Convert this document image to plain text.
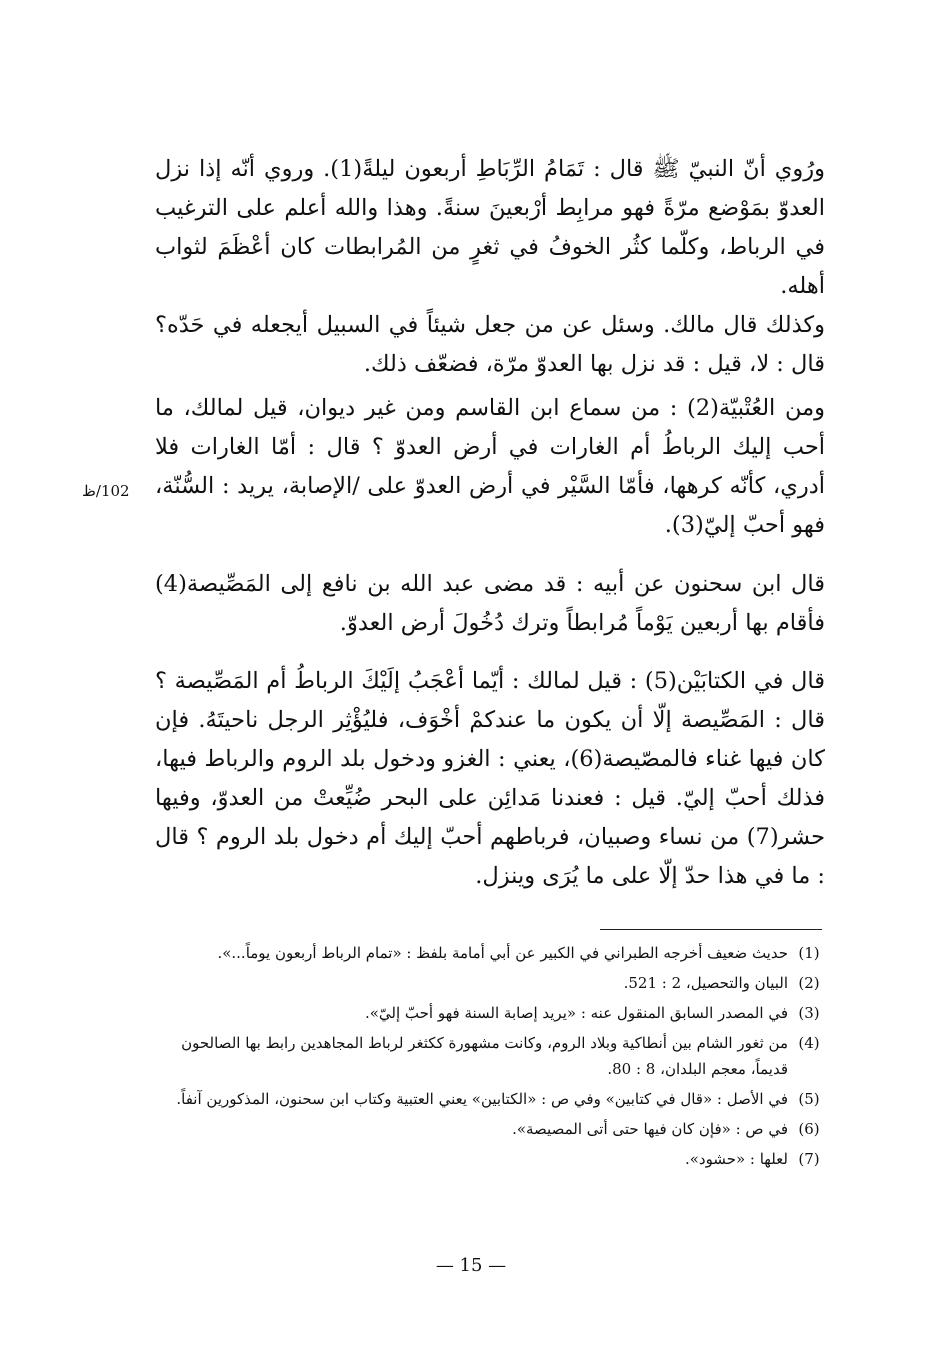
ورُوي أنّ النبيّ ﷺ قال : تَمَامُ الرِّبَاطِ أربعون ليلةً(1). وروي أنّه إذا نزل العدوّ بمَوْضع مرّةً فهو مرابِط أرْبعينَ سنةً. وهذا والله أعلم على الترغيب في الرباط، وكلّما كثُر الخوفُ في ثغرٍ من المُرابطات كان أعْظَمَ لثواب أهله.

وكذلك قال مالك. وسئل عن من جعل شيئاً في السبيل أيجعله في حَدّه؟ قال : لا، قيل : قد نزل بها العدوّ مرّة، فضعّف ذلك.

ومن العُتْبيّة(2) : من سماع ابن القاسم ومن غير ديوان، قيل لمالك، ما أحب إليك الرباطُ أم الغارات في أرض العدوّ ؟ قال : أمّا الغارات فلا أدري، كأنّه كرهها، فأمّا السَّيْر في أرض العدوّ على /الإصابة، يريد : السُّنّة، فهو أحبّ إليّ(3).

قال ابن سحنون عن أبيه : قد مضى عبد الله بن نافع إلى المَصِّيصة(4) فأقام بها أربعين يَوْماً مُرابطاً وترك دُخُولَ أرض العدوّ.

قال في الكتابَيْن(5) : قيل لمالك : أيّما أعْجَبُ إلَيْكَ الرباطُ أم المَصِّيصة ؟ قال : المَصِّيصة إلّا أن يكون ما عندكمْ أخْوَف، فليُؤْثِر الرجل ناحيتَهُ. فإن كان فيها غناء فالمصّيصة(6)، يعني : الغزو ودخول بلد الروم والرباط فيها، فذلك أحبّ إليّ. قيل : فعندنا مَدائِن على البحر ضُيِّعتْ من العدوّ، وفيها حشر(7) من نساء وصبيان، فرباطهم أحبّ إليك أم دخول بلد الروم ؟ قال : ما في هذا حدّ إلّا على ما يُرَى وينزل.

102/ظ
(1)
حديث ضعيف أخرجه الطبراني في الكبير عن أبي أمامة بلفظ : «تمام الرباط أربعون يوماً...».
(2)
البيان والتحصيل، 2 : 521.
(3)
في المصدر السابق المنقول عنه : «يريد إصابة السنة فهو أحبّ إليّ».
(4)
من ثغور الشام بين أنطاكية وبلاد الروم، وكانت مشهورة ككثغر لرباط المجاهدين رابط بها الصالحون قديماً، معجم البلدان، 8 : 80.
(5)
في الأصل : «قال في كتابين» وفي ص : «الكتابين» يعني العتبية وكتاب ابن سحنون، المذكورين آنفاً.
(6)
في ص : «فإن كان فيها حتى أتى المصيصة».
(7)
لعلها : «حشود».
— 15 —
